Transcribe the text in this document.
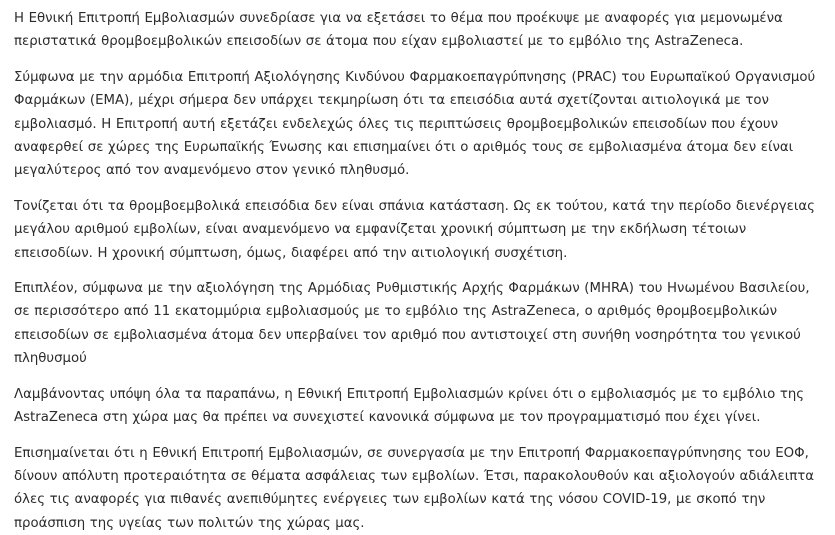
Η Εθνική Επιτροπή Εμβολιασμών συνεδρίασε για να εξετάσει το θέμα που προέκυψε με αναφορές για μεμονωμένα περιστατικά θρομβοεμβολικών επεισοδίων σε άτομα που είχαν εμβολιαστεί με το εμβόλιο της AstraZeneca.

Σύμφωνα με την αρμόδια Επιτροπή Αξιολόγησης Κινδύνου Φαρμακοεπαγρύπνησης (PRAC) του Ευρωπαϊκού Οργανισμού Φαρμάκων (ΕΜΑ), μέχρι σήμερα δεν υπάρχει τεκμηρίωση ότι τα επεισόδια αυτά σχετίζονται αιτιολογικά με τον εμβολιασμό. Η Επιτροπή αυτή εξετάζει ενδελεχώς όλες τις περιπτώσεις θρομβοεμβολικών επεισοδίων που έχουν αναφερθεί σε χώρες της Ευρωπαϊκής Ένωσης και επισημαίνει ότι ο αριθμός τους σε εμβολιασμένα άτομα δεν είναι μεγαλύτερος από τον αναμενόμενο στον γενικό πληθυσμό.

Τονίζεται ότι τα θρομβοεμβολικά επεισόδια δεν είναι σπάνια κατάσταση. Ως εκ τούτου, κατά την περίοδο διενέργειας μεγάλου αριθμού εμβολίων, είναι αναμενόμενο να εμφανίζεται χρονική σύμπτωση με την εκδήλωση τέτοιων επεισοδίων. Η χρονική σύμπτωση, όμως, διαφέρει από την αιτιολογική συσχέτιση.

Επιπλέον, σύμφωνα με την αξιολόγηση της Αρμόδιας Ρυθμιστικής Αρχής Φαρμάκων (MHRA) του Ηνωμένου Βασιλείου, σε περισσότερο από 11 εκατομμύρια εμβολιασμούς με το εμβόλιο της AstraZeneca, ο αριθμός θρομβοεμβολικών επεισοδίων σε εμβολιασμένα άτομα δεν υπερβαίνει τον αριθμό που αντιστοιχεί στη συνήθη νοσηρότητα του γενικού πληθυσμού

Λαμβάνοντας υπόψη όλα τα παραπάνω, η Εθνική Επιτροπή Εμβολιασμών κρίνει ότι ο εμβολιασμός με το εμβόλιο της AstraZeneca στη χώρα μας θα πρέπει να συνεχιστεί κανονικά σύμφωνα με τον προγραμματισμό που έχει γίνει.

Επισημαίνεται ότι η Εθνική Επιτροπή Εμβολιασμών, σε συνεργασία με την Επιτροπή Φαρμακοεπαγρύπνησης του ΕΟΦ, δίνουν απόλυτη προτεραιότητα σε θέματα ασφάλειας των εμβολίων. Έτσι, παρακολουθούν και αξιολογούν αδιάλειπτα όλες τις αναφορές για πιθανές ανεπιθύμητες ενέργειες των εμβολίων κατά της νόσου COVID-19, με σκοπό την προάσπιση της υγείας των πολιτών της χώρας μας.
